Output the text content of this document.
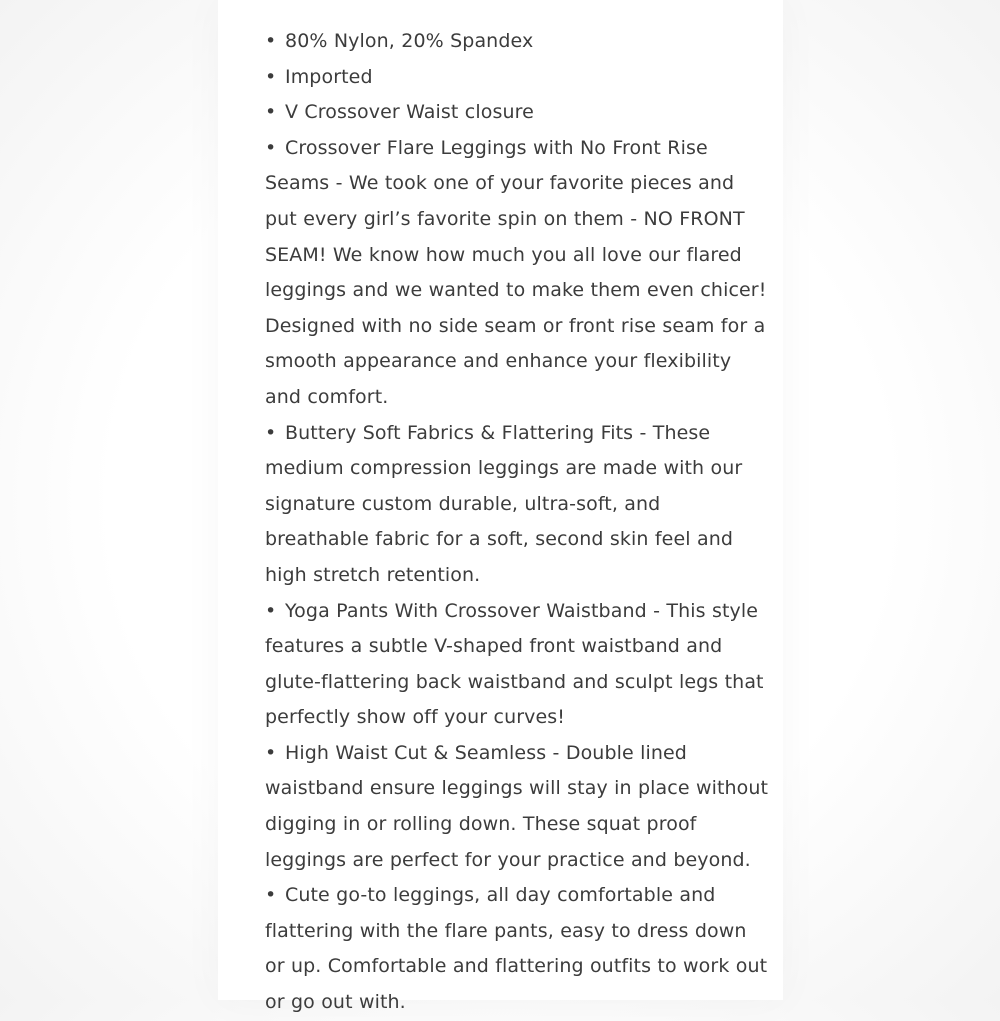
• 80% Nylon, 20% Spandex
• Imported
• V Crossover Waist closure
• Crossover Flare Leggings with No Front Rise Seams - We took one of your favorite pieces and put every girl’s favorite spin on them - NO FRONT SEAM! We know how much you all love our flared leggings and we wanted to make them even chicer! Designed with no side seam or front rise seam for a smooth appearance and enhance your flexibility and comfort.
• Buttery Soft Fabrics & Flattering Fits - These medium compression leggings are made with our signature custom durable, ultra-soft, and breathable fabric for a soft, second skin feel and high stretch retention.
• Yoga Pants With Crossover Waistband - This style features a subtle V-shaped front waistband and glute-flattering back waistband and sculpt legs that perfectly show off your curves!
• High Waist Cut & Seamless - Double lined waistband ensure leggings will stay in place without digging in or rolling down. These squat proof leggings are perfect for your practice and beyond.
• Cute go-to leggings, all day comfortable and flattering with the flare pants, easy to dress down or up. Comfortable and flattering outfits to work out or go out with.
